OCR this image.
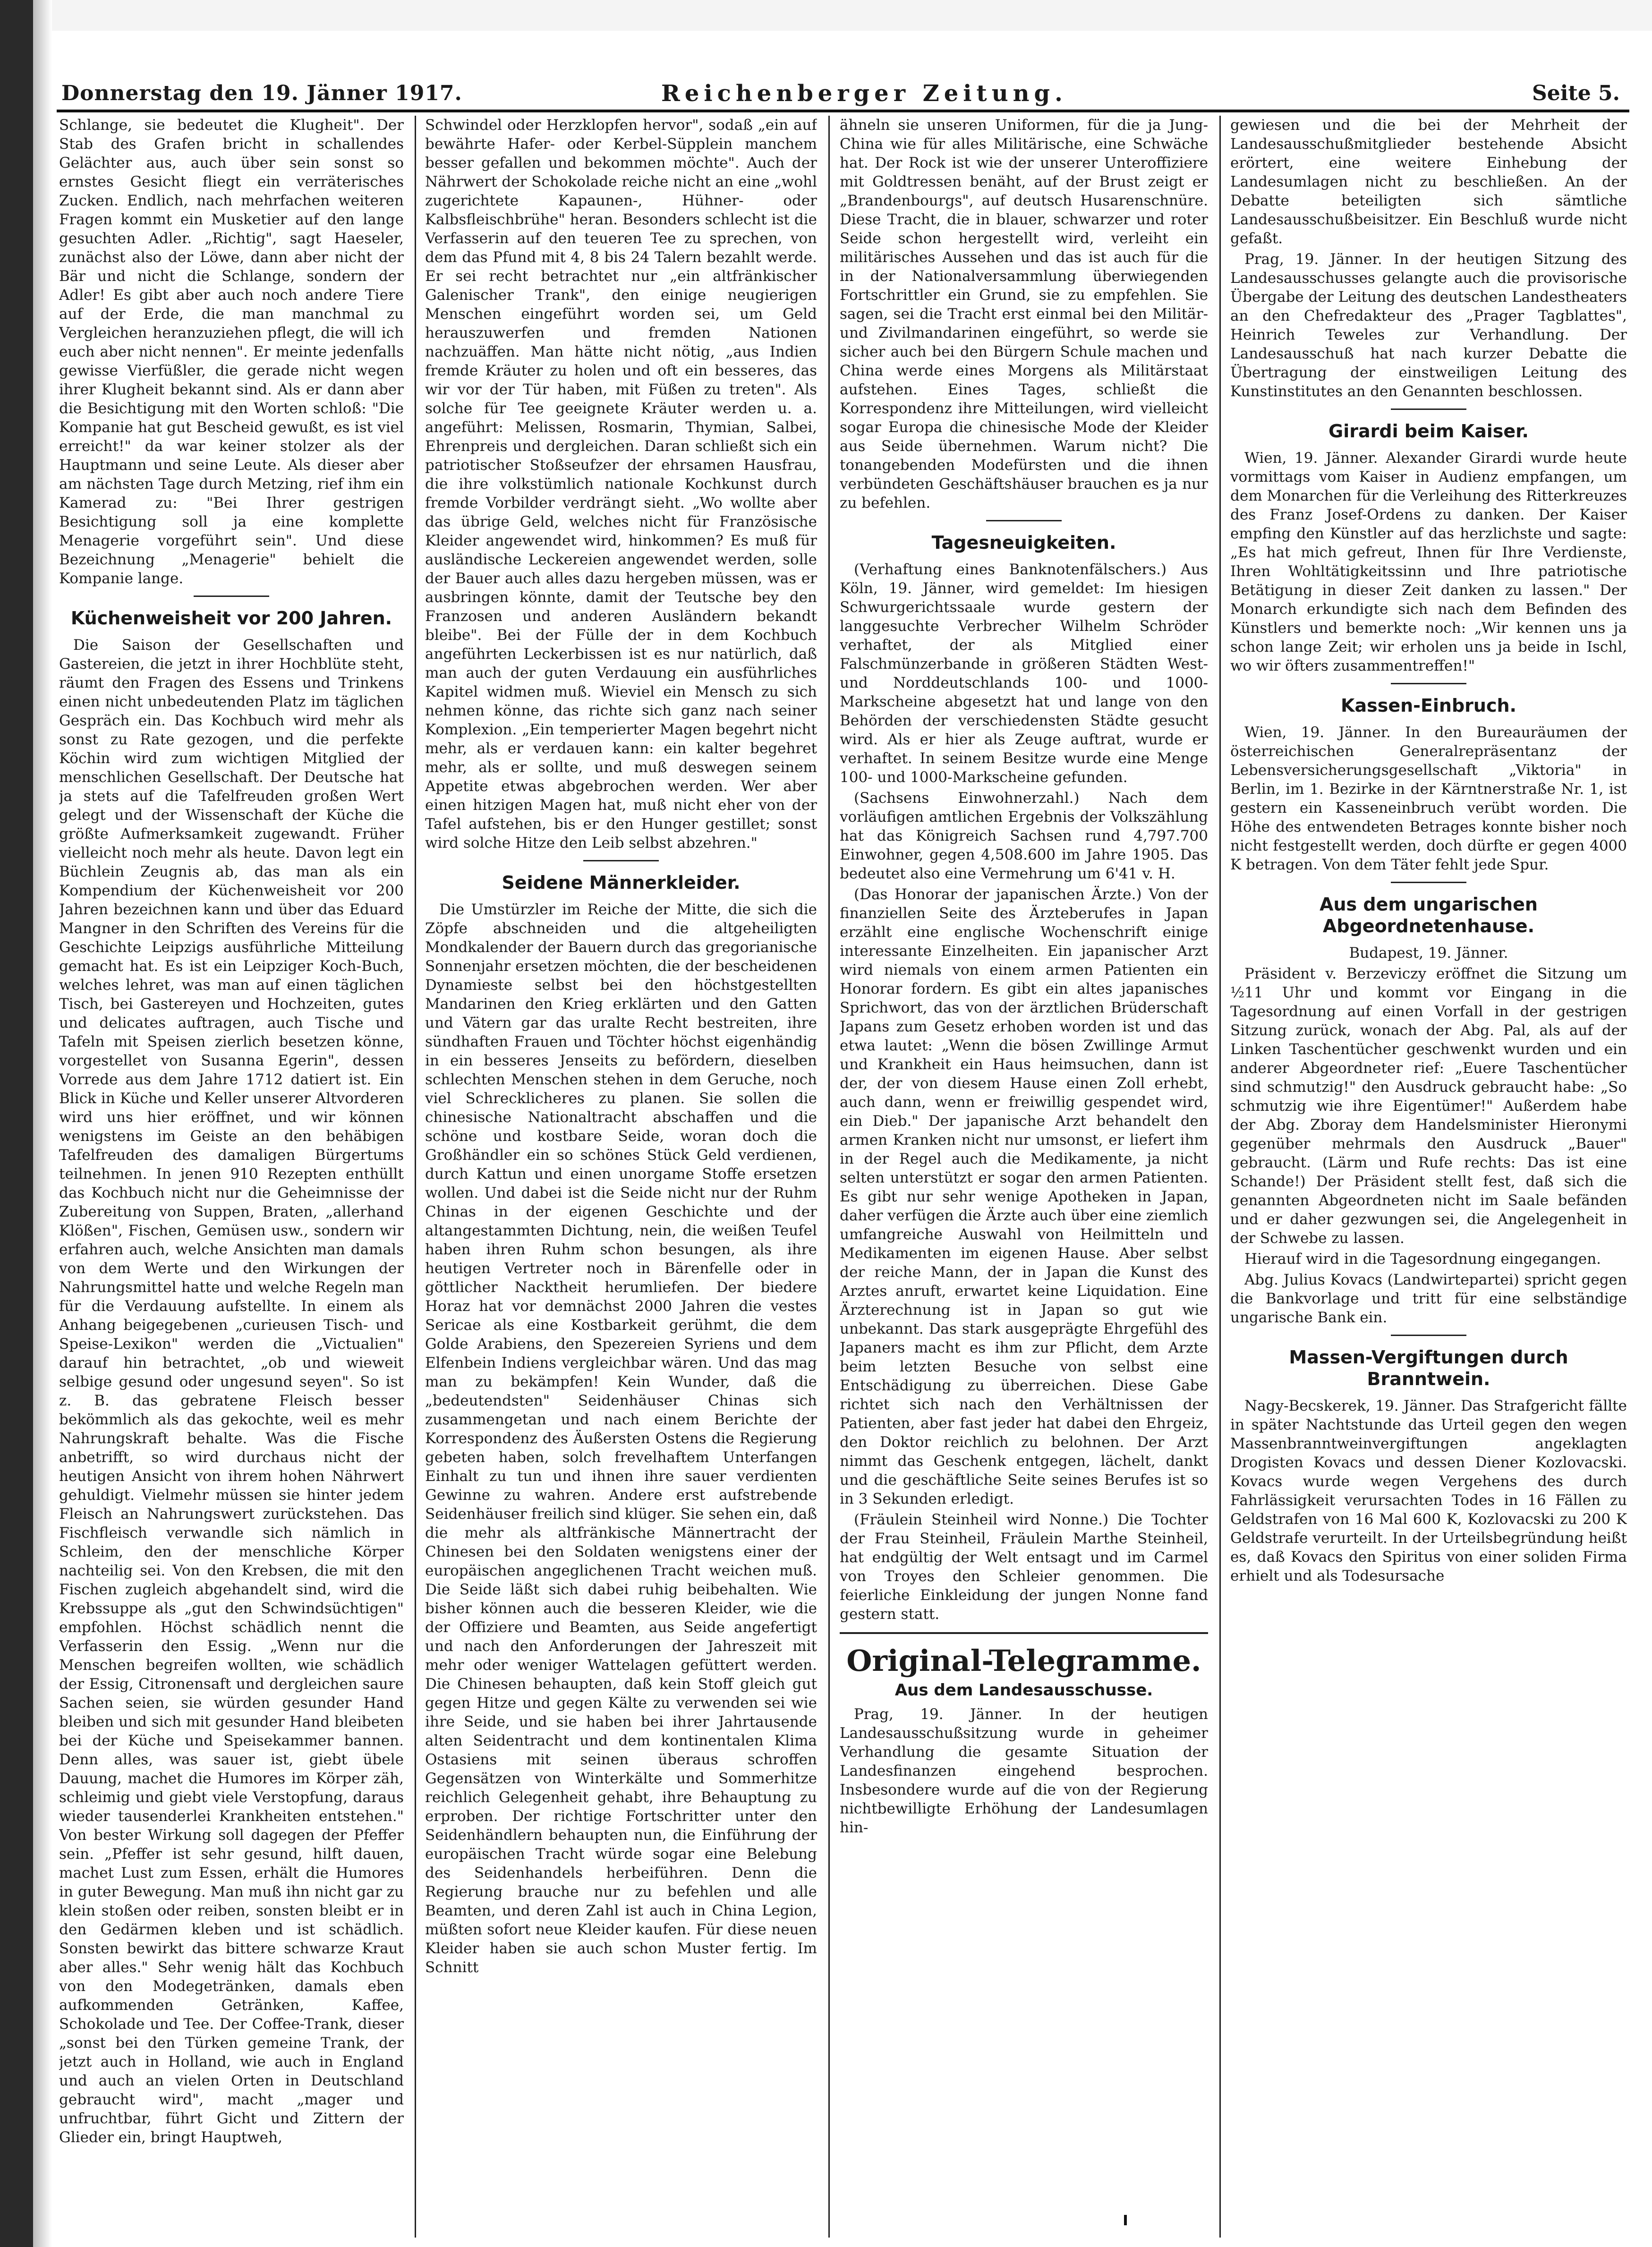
Donnerstag den 19. Jänner 1917.	Reichenberger Zeitung.	Seite 5.

Schlange, sie bedeutet die Klugheit". Der Stab des Grafen bricht in schallendes Gelächter aus, auch über sein sonst so ernstes Gesicht fliegt ein verräterisches Zucken. Endlich, nach mehrfachen weiteren Fragen kommt ein Musketier auf den lange gesuchten Adler. „Richtig", sagt Haeseler, zunächst also der Löwe, dann aber nicht der Bär und nicht die Schlange, sondern der Adler! Es gibt aber auch noch andere Tiere auf der Erde, die man manchmal zu Vergleichen heranzuziehen pflegt, die will ich euch aber nicht nennen". Er meinte jedenfalls gewisse Vierfüßler, die gerade nicht wegen ihrer Klugheit bekannt sind. Als er dann aber die Besichtigung mit den Worten schloß: "Die Kompanie hat gut Bescheid gewußt, es ist viel erreicht!" da war keiner stolzer als der Hauptmann und seine Leute. Als dieser aber am nächsten Tage durch Metzing, rief ihm ein Kamerad zu: "Bei Ihrer gestrigen Besichtigung soll ja eine komplette Menagerie vorgeführt sein". Und diese Bezeichnung „Menagerie" behielt die Kompanie lange.

Küchenweisheit vor 200 Jahren.

Die Saison der Gesellschaften und Gastereien, die jetzt in ihrer Hochblüte steht, räumt den Fragen des Essens und Trinkens einen nicht unbedeutenden Platz im täglichen Gespräch ein. Das Kochbuch wird mehr als sonst zu Rate gezogen, und die perfekte Köchin wird zum wichtigen Mitglied der menschlichen Gesellschaft. Der Deutsche hat ja stets auf die Tafelfreuden großen Wert gelegt und der Wissenschaft der Küche die größte Aufmerksamkeit zugewandt. Früher vielleicht noch mehr als heute. Davon legt ein Büchlein Zeugnis ab, das man als ein Kompendium der Küchenweisheit vor 200 Jahren bezeichnen kann und über das Eduard Mangner in den Schriften des Vereins für die Geschichte Leipzigs ausführliche Mitteilung gemacht hat. Es ist ein Leipziger Koch-Buch, welches lehret, was man auf einen täglichen Tisch, bei Gastereyen und Hochzeiten, gutes und delicates auftragen, auch Tische und Tafeln mit Speisen zierlich besetzen könne, vorgestellet von Susanna Egerin", dessen Vorrede aus dem Jahre 1712 datiert ist. Ein Blick in Küche und Keller unserer Altvorderen wird uns hier eröffnet, und wir können wenigstens im Geiste an den behäbigen Tafelfreuden des damaligen Bürgertums teilnehmen. In jenen 910 Rezepten enthüllt das Kochbuch nicht nur die Geheimnisse der Zubereitung von Suppen, Braten, „allerhand Klößen", Fischen, Gemüsen usw., sondern wir erfahren auch, welche Ansichten man damals von dem Werte und den Wirkungen der Nahrungsmittel hatte und welche Regeln man für die Verdauung aufstellte. In einem als Anhang beigegebenen „curieusen Tisch- und Speise-Lexikon" werden die „Victualien" darauf hin betrachtet, „ob und wieweit selbige gesund oder ungesund seyen". So ist z. B. das gebratene Fleisch besser bekömmlich als das gekochte, weil es mehr Nahrungskraft behalte. Was die Fische anbetrifft, so wird durchaus nicht der heutigen Ansicht von ihrem hohen Nährwert gehuldigt. Vielmehr müssen sie hinter jedem Fleisch an Nahrungswert zurückstehen. Das Fischfleisch verwandle sich nämlich in Schleim, den der menschliche Körper nachteilig sei. Von den Krebsen, die mit den Fischen zugleich abgehandelt sind, wird die Krebssuppe als „gut den Schwindsüchtigen" empfohlen. Höchst schädlich nennt die Verfasserin den Essig. „Wenn nur die Menschen begreifen wollten, wie schädlich der Essig, Citronensaft und dergleichen saure Sachen seien, sie würden gesunder Hand bleiben und sich mit gesunder Hand bleibeten bei der Küche und Speisekammer bannen. Denn alles, was sauer ist, giebt übele Dauung, machet die Humores im Körper zäh, schleimig und giebt viele Verstopfung, daraus wieder tausenderlei Krankheiten entstehen." Von bester Wirkung soll dagegen der Pfeffer sein. „Pfeffer ist sehr gesund, hilft dauen, machet Lust zum Essen, erhält die Humores in guter Bewegung. Man muß ihn nicht gar zu klein stoßen oder reiben, sonsten bleibt er in den Gedärmen kleben und ist schädlich. Sonsten bewirkt das bittere schwarze Kraut aber alles." Sehr wenig hält das Kochbuch von den Modegetränken, damals eben aufkommenden Getränken, Kaffee, Schokolade und Tee. Der Coffee-Trank, dieser „sonst bei den Türken gemeine Trank, der jetzt auch in Holland, wie auch in England und auch an vielen Orten in Deutschland gebraucht wird", macht „mager und unfruchtbar, führt Gicht und Zittern der Glieder ein, bringt Hauptweh,

Schwindel oder Herzklopfen hervor", sodaß „ein auf bewährte Hafer- oder Kerbel-Süpplein manchem besser gefallen und bekommen möchte". Auch der Nährwert der Schokolade reiche nicht an eine „wohl zugerichtete Kapaunen-, Hühner- oder Kalbsfleischbrühe" heran. Besonders schlecht ist die Verfasserin auf den teueren Tee zu sprechen, von dem das Pfund mit 4, 8 bis 24 Talern bezahlt werde. Er sei recht betrachtet nur „ein altfränkischer Galenischer Trank", den einige neugierigen Menschen eingeführt worden sei, um Geld herauszuwerfen und fremden Nationen nachzuäffen. Man hätte nicht nötig, „aus Indien fremde Kräuter zu holen und oft ein besseres, das wir vor der Tür haben, mit Füßen zu treten". Als solche für Tee geeignete Kräuter werden u. a. angeführt: Melissen, Rosmarin, Thymian, Salbei, Ehrenpreis und dergleichen. Daran schließt sich ein patriotischer Stoßseufzer der ehrsamen Hausfrau, die ihre volkstümlich nationale Kochkunst durch fremde Vorbilder verdrängt sieht. „Wo wollte aber das übrige Geld, welches nicht für Französische Kleider angewendet wird, hinkommen? Es muß für ausländische Leckereien angewendet werden, solle der Bauer auch alles dazu hergeben müssen, was er ausbringen könnte, damit der Teutsche bey den Franzosen und anderen Ausländern bekandt bleibe". Bei der Fülle der in dem Kochbuch angeführten Leckerbissen ist es nur natürlich, daß man auch der guten Verdauung ein ausführliches Kapitel widmen muß. Wieviel ein Mensch zu sich nehmen könne, das richte sich ganz nach seiner Komplexion. „Ein temperierter Magen begehrt nicht mehr, als er verdauen kann: ein kalter begehret mehr, als er sollte, und muß deswegen seinem Appetite etwas abgebrochen werden. Wer aber einen hitzigen Magen hat, muß nicht eher von der Tafel aufstehen, bis er den Hunger gestillet; sonst wird solche Hitze den Leib selbst abzehren."

Seidene Männerkleider.

Die Umstürzler im Reiche der Mitte, die sich die Zöpfe abschneiden und die altgeheiligten Mondkalender der Bauern durch das gregorianische Sonnenjahr ersetzen möchten, die der bescheidenen Dynamieste selbst bei den höchstgestellten Mandarinen den Krieg erklärten und den Gatten und Vätern gar das uralte Recht bestreiten, ihre sündhaften Frauen und Töchter höchst eigenhändig in ein besseres Jenseits zu befördern, dieselben schlechten Menschen stehen in dem Geruche, noch viel Schrecklicheres zu planen. Sie sollen die chinesische Nationaltracht abschaffen und die schöne und kostbare Seide, woran doch die Großhändler ein so schönes Stück Geld verdienen, durch Kattun und einen unorgame Stoffe ersetzen wollen. Und dabei ist die Seide nicht nur der Ruhm Chinas in der eigenen Geschichte und der altangestammten Dichtung, nein, die weißen Teufel haben ihren Ruhm schon besungen, als ihre heutigen Vertreter noch in Bärenfelle oder in göttlicher Nacktheit herumliefen. Der biedere Horaz hat vor demnächst 2000 Jahren die vestes Sericae als eine Kostbarkeit gerühmt, die dem Golde Arabiens, den Spezereien Syriens und dem Elfenbein Indiens vergleichbar wären. Und das mag man zu bekämpfen! Kein Wunder, daß die „bedeutendsten" Seidenhäuser Chinas sich zusammengetan und nach einem Berichte der Korrespondenz des Äußersten Ostens die Regierung gebeten haben, solch frevelhaftem Unterfangen Einhalt zu tun und ihnen ihre sauer verdienten Gewinne zu wahren. Andere erst aufstrebende Seidenhäuser freilich sind klüger. Sie sehen ein, daß die mehr als altfränkische Männertracht der Chinesen bei den Soldaten wenigstens einer der europäischen angeglichenen Tracht weichen muß. Die Seide läßt sich dabei ruhig beibehalten. Wie bisher können auch die besseren Kleider, wie die der Offiziere und Beamten, aus Seide angefertigt und nach den Anforderungen der Jahreszeit mit mehr oder weniger Wattelagen gefüttert werden. Die Chinesen behaupten, daß kein Stoff gleich gut gegen Hitze und gegen Kälte zu verwenden sei wie ihre Seide, und sie haben bei ihrer Jahrtausende alten Seidentracht und dem kontinentalen Klima Ostasiens mit seinen überaus schroffen Gegensätzen von Winterkälte und Sommerhitze reichlich Gelegenheit gehabt, ihre Behauptung zu erproben. Der richtige Fortschritter unter den Seidenhändlern behaupten nun, die Einführung der europäischen Tracht würde sogar eine Belebung des Seidenhandels herbeiführen. Denn die Regierung brauche nur zu befehlen und alle Beamten, und deren Zahl ist auch in China Legion, müßten sofort neue Kleider kaufen. Für diese neuen Kleider haben sie auch schon Muster fertig. Im Schnitt

ähneln sie unseren Uniformen, für die ja Jung-China wie für alles Militärische, eine Schwäche hat. Der Rock ist wie der unserer Unteroffiziere mit Goldtressen benäht, auf der Brust zeigt er „Brandenbourgs", auf deutsch Husarenschnüre. Diese Tracht, die in blauer, schwarzer und roter Seide schon hergestellt wird, verleiht ein militärisches Aussehen und das ist auch für die in der Nationalversammlung überwiegenden Fortschrittler ein Grund, sie zu empfehlen. Sie sagen, sei die Tracht erst einmal bei den Militär- und Zivilmandarinen eingeführt, so werde sie sicher auch bei den Bürgern Schule machen und China werde eines Morgens als Militärstaat aufstehen. Eines Tages, schließt die Korrespondenz ihre Mitteilungen, wird vielleicht sogar Europa die chinesische Mode der Kleider aus Seide übernehmen. Warum nicht? Die tonangebenden Modefürsten und die ihnen verbündeten Geschäftshäuser brauchen es ja nur zu befehlen.

Tagesneuigkeiten.

(Verhaftung eines Banknotenfälschers.) Aus Köln, 19. Jänner, wird gemeldet: Im hiesigen Schwurgerichtssaale wurde gestern der langgesuchte Verbrecher Wilhelm Schröder verhaftet, der als Mitglied einer Falschmünzerbande in größeren Städten West- und Norddeutschlands 100- und 1000-Markscheine abgesetzt hat und lange von den Behörden der verschiedensten Städte gesucht wird. Als er hier als Zeuge auftrat, wurde er verhaftet. In seinem Besitze wurde eine Menge 100- und 1000-Markscheine gefunden.

(Sachsens Einwohnerzahl.) Nach dem vorläufigen amtlichen Ergebnis der Volkszählung hat das Königreich Sachsen rund 4,797.700 Einwohner, gegen 4,508.600 im Jahre 1905. Das bedeutet also eine Vermehrung um 6'41 v. H.

(Das Honorar der japanischen Ärzte.) Von der finanziellen Seite des Ärzteberufes in Japan erzählt eine englische Wochenschrift einige interessante Einzelheiten. Ein japanischer Arzt wird niemals von einem armen Patienten ein Honorar fordern. Es gibt ein altes japanisches Sprichwort, das von der ärztlichen Brüderschaft Japans zum Gesetz erhoben worden ist und das etwa lautet: „Wenn die bösen Zwillinge Armut und Krankheit ein Haus heimsuchen, dann ist der, der von diesem Hause einen Zoll erhebt, auch dann, wenn er freiwillig gespendet wird, ein Dieb." Der japanische Arzt behandelt den armen Kranken nicht nur umsonst, er liefert ihm in der Regel auch die Medikamente, ja nicht selten unterstützt er sogar den armen Patienten. Es gibt nur sehr wenige Apotheken in Japan, daher verfügen die Ärzte auch über eine ziemlich umfangreiche Auswahl von Heilmitteln und Medikamenten im eigenen Hause. Aber selbst der reiche Mann, der in Japan die Kunst des Arztes anruft, erwartet keine Liquidation. Eine Ärzterechnung ist in Japan so gut wie unbekannt. Das stark ausgeprägte Ehrgefühl des Japaners macht es ihm zur Pflicht, dem Arzte beim letzten Besuche von selbst eine Entschädigung zu überreichen. Diese Gabe richtet sich nach den Verhältnissen der Patienten, aber fast jeder hat dabei den Ehrgeiz, den Doktor reichlich zu belohnen. Der Arzt nimmt das Geschenk entgegen, lächelt, dankt und die geschäftliche Seite seines Berufes ist so in 3 Sekunden erledigt.

(Fräulein Steinheil wird Nonne.) Die Tochter der Frau Steinheil, Fräulein Marthe Steinheil, hat endgültig der Welt entsagt und im Carmel von Troyes den Schleier genommen. Die feierliche Einkleidung der jungen Nonne fand gestern statt.

Original-Telegramme.
Aus dem Landesausschusse.

Prag, 19. Jänner. In der heutigen Landesausschußsitzung wurde in geheimer Verhandlung die gesamte Situation der Landesfinanzen eingehend besprochen. Insbesondere wurde auf die von der Regierung nichtbewilligte Erhöhung der Landesumlagen hin-

gewiesen und die bei der Mehrheit der Landesausschußmitglieder bestehende Absicht erörtert, eine weitere Einhebung der Landesumlagen nicht zu beschließen. An der Debatte beteiligten sich sämtliche Landesausschußbeisitzer. Ein Beschluß wurde nicht gefaßt.

Prag, 19. Jänner. In der heutigen Sitzung des Landesausschusses gelangte auch die provisorische Übergabe der Leitung des deutschen Landestheaters an den Chefredakteur des „Prager Tagblattes", Heinrich Teweles zur Verhandlung. Der Landesausschuß hat nach kurzer Debatte die Übertragung der einstweiligen Leitung des Kunstinstitutes an den Genannten beschlossen.

Girardi beim Kaiser.

Wien, 19. Jänner. Alexander Girardi wurde heute vormittags vom Kaiser in Audienz empfangen, um dem Monarchen für die Verleihung des Ritterkreuzes des Franz Josef-Ordens zu danken. Der Kaiser empfing den Künstler auf das herzlichste und sagte: „Es hat mich gefreut, Ihnen für Ihre Verdienste, Ihren Wohltätigkeitssinn und Ihre patriotische Betätigung in dieser Zeit danken zu lassen." Der Monarch erkundigte sich nach dem Befinden des Künstlers und bemerkte noch: „Wir kennen uns ja schon lange Zeit; wir erholen uns ja beide in Ischl, wo wir öfters zusammentreffen!"

Kassen-Einbruch.

Wien, 19. Jänner. In den Bureauräumen der österreichischen Generalrepräsentanz der Lebensversicherungsgesellschaft „Viktoria" in Berlin, im 1. Bezirke in der Kärntnerstraße Nr. 1, ist gestern ein Kasseneinbruch verübt worden. Die Höhe des entwendeten Betrages konnte bisher noch nicht festgestellt werden, doch dürfte er gegen 4000 K betragen. Von dem Täter fehlt jede Spur.

Aus dem ungarischen Abgeordnetenhause.

Budapest, 19. Jänner.

Präsident v. Berzeviczy eröffnet die Sitzung um ½11 Uhr und kommt vor Eingang in die Tagesordnung auf einen Vorfall in der gestrigen Sitzung zurück, wonach der Abg. Pal, als auf der Linken Taschentücher geschwenkt wurden und ein anderer Abgeordneter rief: „Euere Taschentücher sind schmutzig!" den Ausdruck gebraucht habe: „So schmutzig wie ihre Eigentümer!" Außerdem habe der Abg. Zboray dem Handelsminister Hieronymi gegenüber mehrmals den Ausdruck „Bauer" gebraucht. (Lärm und Rufe rechts: Das ist eine Schande!) Der Präsident stellt fest, daß sich die genannten Abgeordneten nicht im Saale befänden und er daher gezwungen sei, die Angelegenheit in der Schwebe zu lassen.

Hierauf wird in die Tagesordnung eingegangen.

Abg. Julius Kovacs (Landwirtepartei) spricht gegen die Bankvorlage und tritt für eine selbständige ungarische Bank ein.

Massen-Vergiftungen durch Branntwein.

Nagy-Becskerek, 19. Jänner. Das Strafgericht fällte in später Nachtstunde das Urteil gegen den wegen Massenbranntweinvergiftungen angeklagten Drogisten Kovacs und dessen Diener Kozlovacski. Kovacs wurde wegen Vergehens des durch Fahrlässigkeit verursachten Todes in 16 Fällen zu Geldstrafen von 16 Mal 600 K, Kozlovacski zu 200 K Geldstrafe verurteilt. In der Urteilsbegründung heißt es, daß Kovacs den Spiritus von einer soliden Firma erhielt und als Todesursache
